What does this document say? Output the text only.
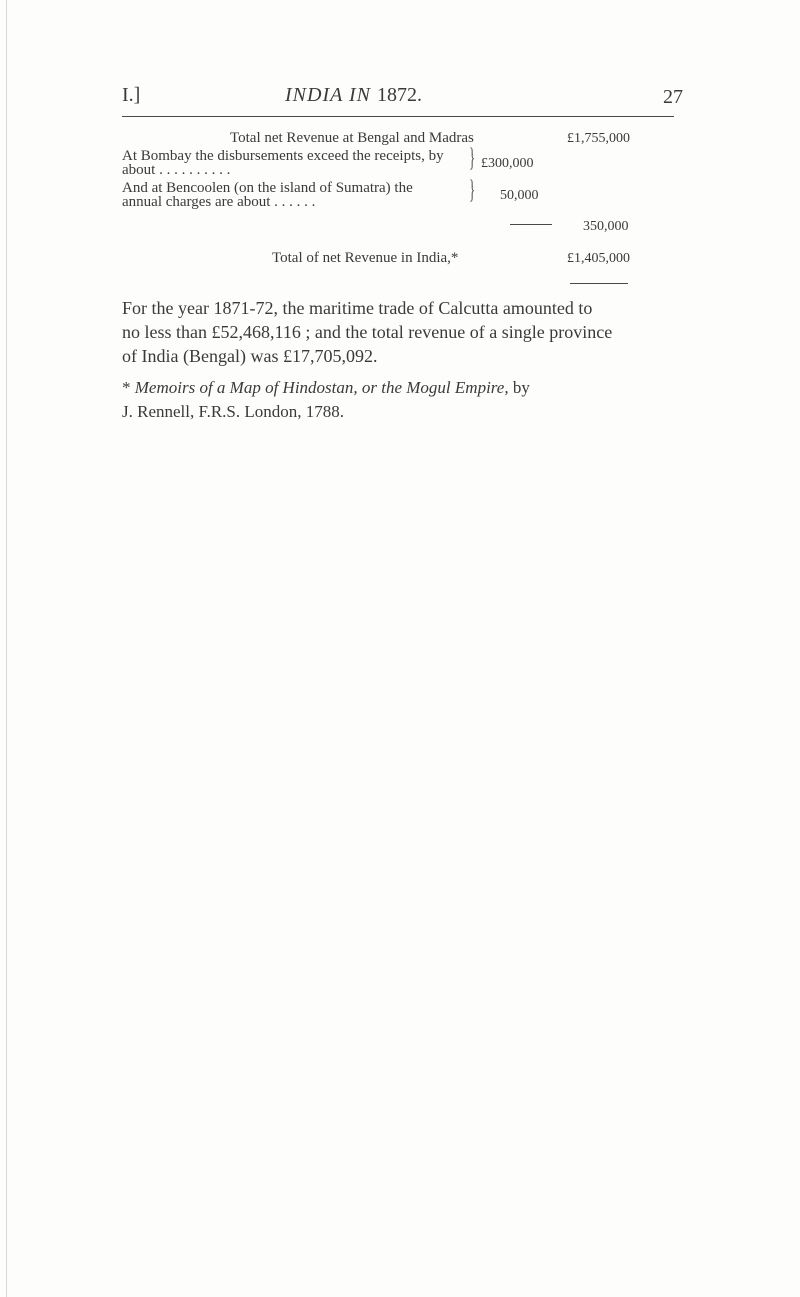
I.]	INDIA IN 1872.	27
Total net Revenue at Bengal and Madras	£1,755,000
At Bombay the disbursements exceed the receipts, by
about . . . . . . . . . .	} £300,000
And at Bencoolen (on the island of Sumatra) the
annual charges are about . . . . . .	} 50,000
350,000
Total of net Revenue in India,*	£1,405,000
For the year 1871-72, the maritime trade of Calcutta amounted to
no less than £52,468,116 ; and the total revenue of a single province
of India (Bengal) was £17,705,092.
* Memoirs of a Map of Hindostan, or the Mogul Empire, by
J. Rennell, F.R.S. London, 1788.
